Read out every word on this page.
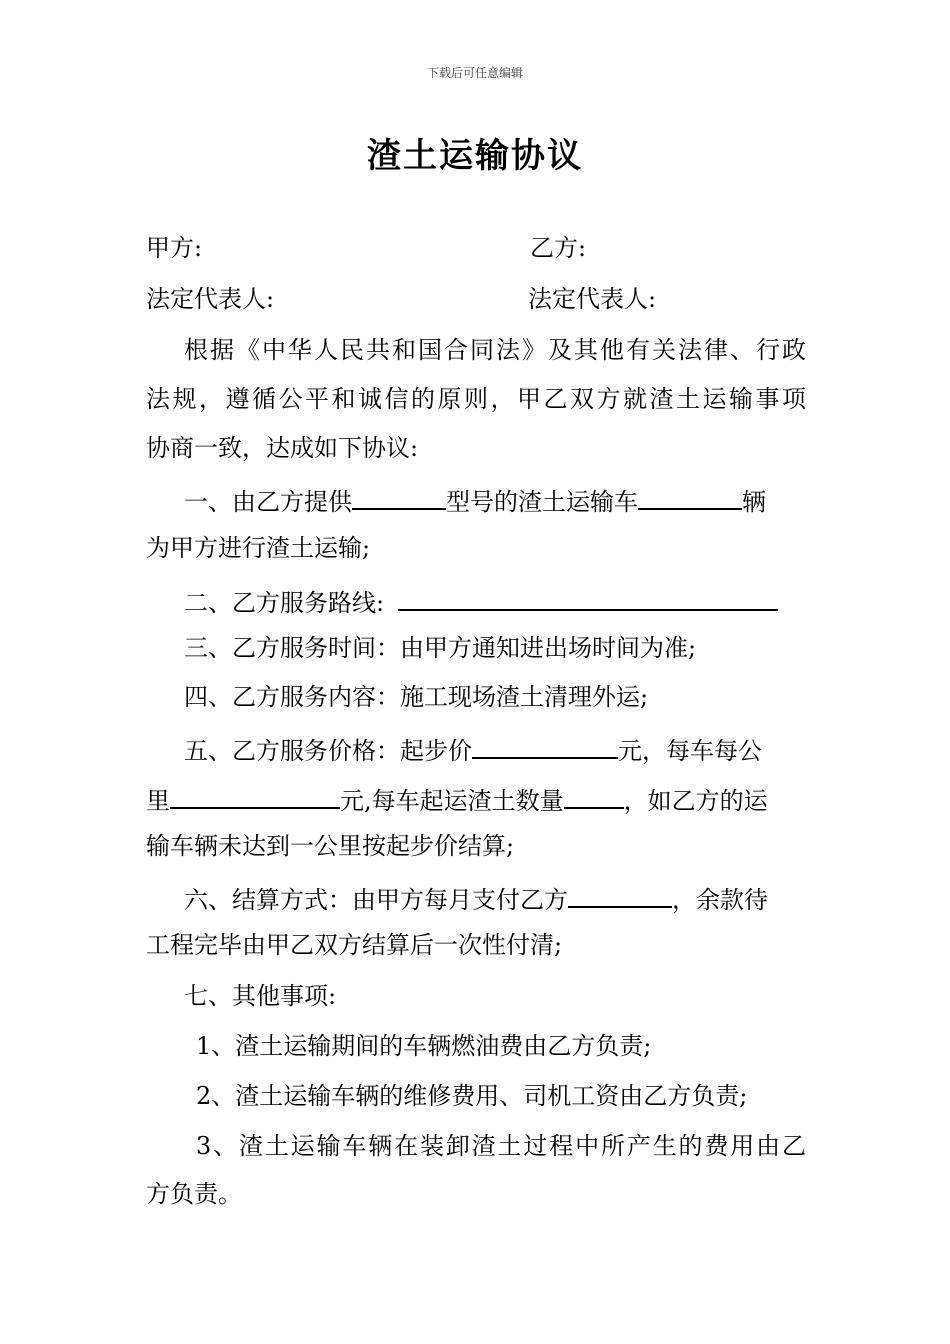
下载后可任意编辑
渣土运输协议
甲方:	乙方:
法定代表人:	法定代表人:
根据《中华人民共和国合同法》及其他有关法律、行政
法规，遵循公平和诚信的原则，甲乙双方就渣土运输事项
协商一致，达成如下协议:
一、由乙方提供	型号的渣土运输车	辆
为甲方进行渣土运输;
二、乙方服务路线:
三、乙方服务时间：由甲方通知进出场时间为准;
四、乙方服务内容：施工现场渣土清理外运;
五、乙方服务价格：起步价	元，每车每公
里	元,每车起运渣土数量	，如乙方的运
输车辆未达到一公里按起步价结算;
六、结算方式：由甲方每月支付乙方	，余款待
工程完毕由甲乙双方结算后一次性付清;
七、其他事项:
1、渣土运输期间的车辆燃油费由乙方负责;
2、渣土运输车辆的维修费用、司机工资由乙方负责;
3、渣土运输车辆在装卸渣土过程中所产生的费用由乙
方负责。
